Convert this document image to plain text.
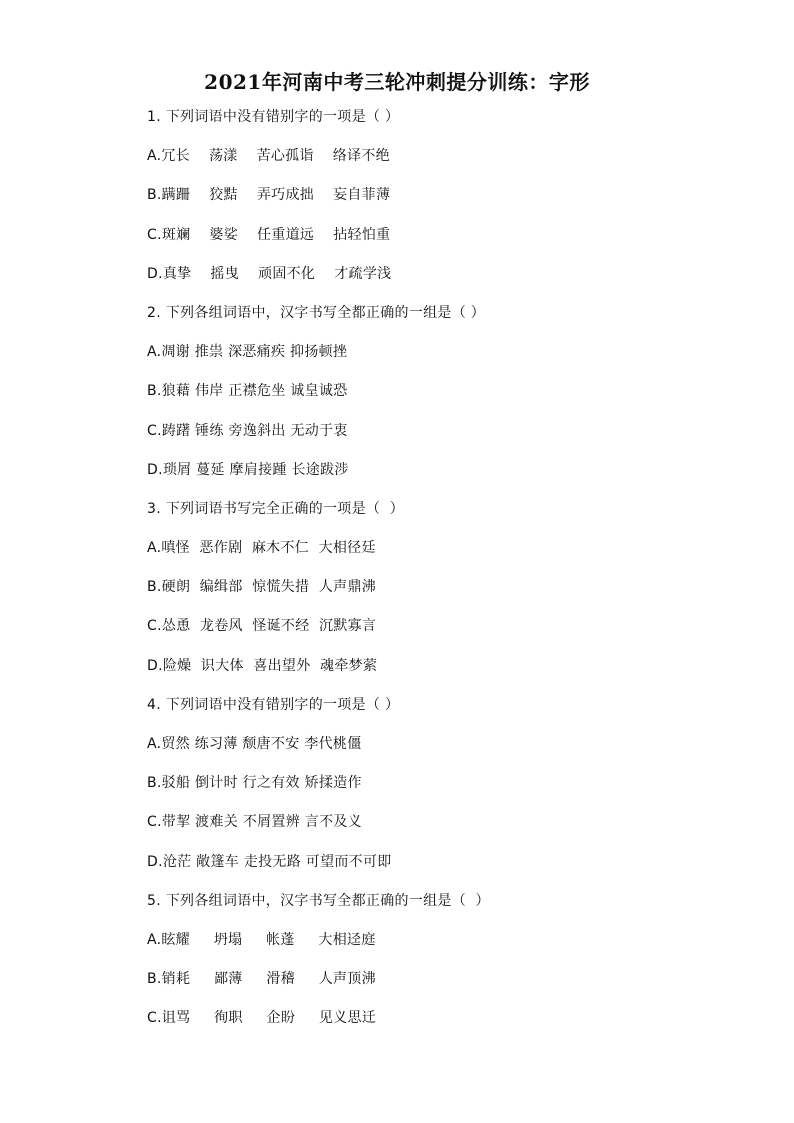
2021年河南中考三轮冲刺提分训练：字形
1. 下列词语中没有错别字的一项是（ ）
A.冗长    荡漾    苦心孤诣    络译不绝
B.蹒跚    狡黠    弄巧成拙    妄自菲薄
C.斑斓    婆娑    任重道远    拈轻怕重
D.真挚    摇曳    顽固不化    才疏学浅
2. 下列各组词语中，汉字书写全都正确的一组是（ ）
A.凋谢 推祟 深恶痛疾 抑扬顿挫
B.狼藉 伟岸 正襟危坐 诚皇诚恐
C.踌躇 锤练 旁逸斜出 无动于衷
D.琐屑 蔓延 摩肩接踵 长途跋涉
3. 下列词语书写完全正确的一项是（  ）
A.嗔怪  恶作剧  麻木不仁  大相径廷
B.硬朗  编缉部  惊慌失措  人声鼎沸
C.怂恿  龙卷风  怪诞不经  沉默寡言
D.险燥  识大体  喜出望外  魂牵梦萦
4. 下列词语中没有错别字的一项是（ ）
A.贸然 练习薄 颓唐不安 李代桃僵
B.驳船 倒计时 行之有效 矫揉造作
C.带挈 渡难关 不屑置辨 言不及义
D.沧茫 敞篷车 走投无路 可望而不可即
5. 下列各组词语中，汉字书写全都正确的一组是（  ）
A.眩耀     坍塌     帐蓬     大相迳庭
B.销耗     鄙薄     滑稽     人声顶沸
C.诅骂     徇职     企盼     见义思迁
